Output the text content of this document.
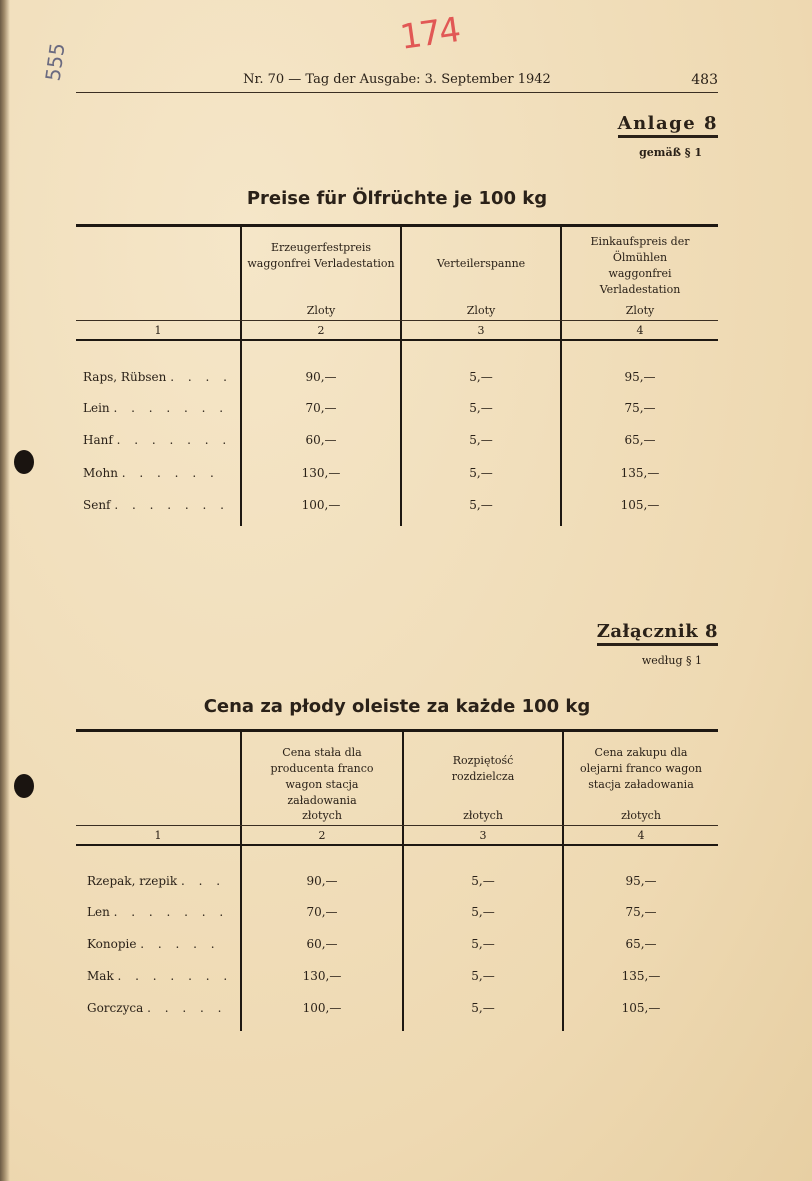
555
174
Nr. 70 — Tag der Ausgabe: 3. September 1942	483
Anlage 8
gemäß § 1
Preise für Ölfrüchte je 100 kg
Erzeugerfestpreis waggonfrei Verladestation	Verteilerspanne
Einkaufspreis der Ölmühlen waggonfrei Verladestation
Zloty	Zloty	Zloty
1	2	3	4
Raps, Rübsen . . . .	90,—	5,—	95,—
Lein . . . . . . .	70,—	5,—	75,—
Hanf . . . . . . .	60,—	5,—	65,—
Mohn . . . . . .	130,—	5,—	135,—
Senf . . . . . . .	100,—	5,—	105,—
Załącznik 8
według § 1
Cena za płody oleiste za każde 100 kg
Cena stała dla producenta franco wagon stacja załadowania
Rozpiętość rozdzielcza
Cena zakupu dla olejarni franco wagon stacja załadowania
złotych	złotych	złotych
1	2	3	4
Rzepak, rzepik . . .	90,—	5,—	95,—
Len . . . . . . .	70,—	5,—	75,—
Konopie . . . . .	60,—	5,—	65,—
Mak . . . . . . .	130,—	5,—	135,—
Gorczyca . . . . .	100,—	5,—	105,—
